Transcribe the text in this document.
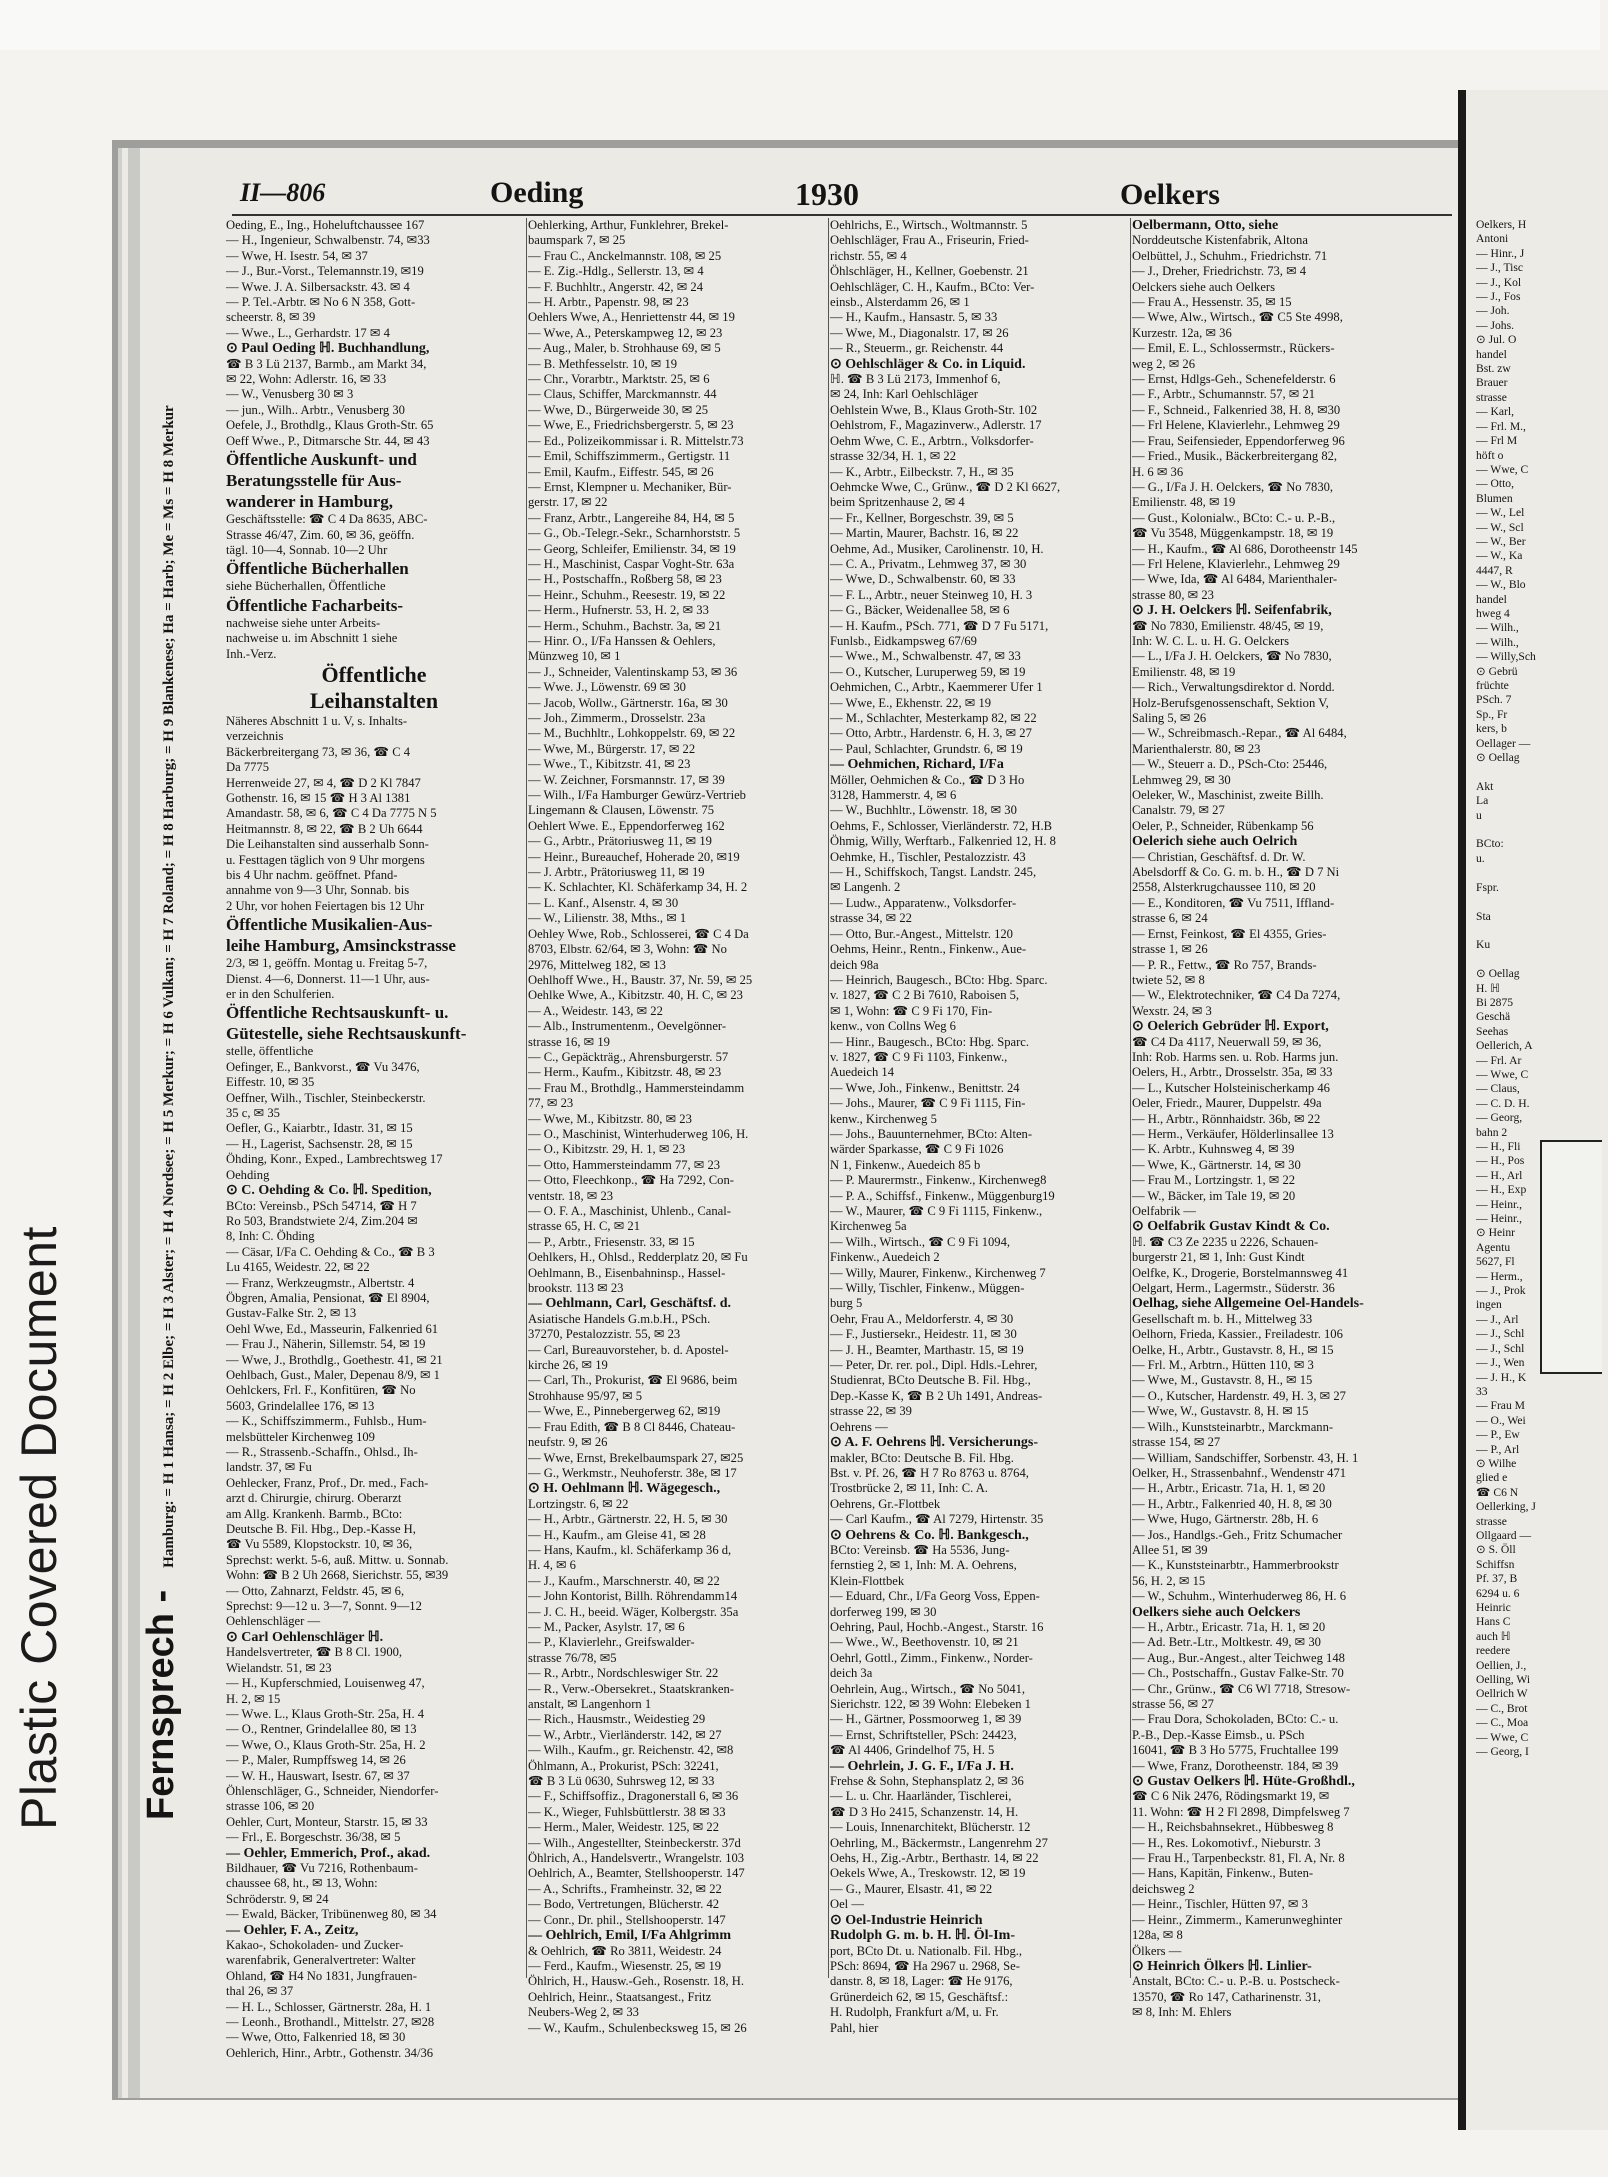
Plastic Covered Document
Oelkers, H
Antoni
— Hinr., J
— J., Tisc
— J., Kol
— J., Fos
— Joh.
— Johs.
⊙ Jul. O
handel
Bst. zw
Brauer
strasse
— Karl,
— Frl. M.,
— Frl M
höft o
— Wwe, C
— Otto,
Blumen
— W., Lel
— W., Scl
— W., Ber
— W., Ka
4447, R
— W., Blo
handel
hweg 4
— Wilh.,
— Wilh.,
— Willy,Sch
⊙ Gebrü
früchte
PSch. 7
Sp., Fr
kers, b
Oellager —
⊙ Oellag

Akt
La
u

BCto:
u.

Fspr.

Sta

Ku

⊙ Oellag
H. ℍ
Bi 2875
Geschä
Seehas
Oellerich, A
— Frl. Ar
— Wwe, C
— Claus,
— C. D. H.
— Georg,
bahn 2
— H., Fli
— H., Pos
— H., Arl
— H., Exp
— Heinr.,
— Heinr.,
⊙ Heinr
Agentu
5627, Fl
— Herm.,
— J., Prok
ingen
— J., Arl
— J., Schl
— J., Schl
— J., Wen
— J. H., K
33
— Frau M
— O., Wei
— P., Ew
— P., Arl
⊙ Wilhe
glied e
☎ C6 N
Oellerking, J
strasse
Ollgaard —
⊙ S. Öll
Schiffsn
Pf. 37, B
6294 u. 6
Heinric
Hans C
auch ℍ
reedere
Oellien, J.,
Oelling, Wi
Oellrich W
— C., Brot
— C., Moa
— Wwe, C
— Georg, I
II—806	Oeding	1930	Oelkers
Fernsprech - Hamburg: = H 1 Hansa; = H 2 Elbe; = H 3 Alster; = H 4 Nordsee; = H 5 Merkur; = H 6 Vulkan; = H 7 Roland; = H 8 Harburg; = H 9 Blankenese; Ha = Harb; Me = Ms = H 8 Merkur

Oeding, E., Ing., Hoheluftchaussee 167

— H., Ingenieur, Schwalbenstr. 74, ✉33

— Wwe, H. Isestr. 54, ✉ 37

— J., Bur.-Vorst., Telemannstr.19, ✉19

— Wwe. J. A. Silbersackstr. 43. ✉ 4

— P. Tel.-Arbtr. ✉ No 6 N 358, Gott-

scheerstr. 8, ✉ 39

— Wwe., L., Gerhardstr. 17 ✉ 4

⊙ Paul Oeding ℍ. Buchhandlung,

☎ B 3 Lü 2137, Barmb., am Markt 34,

✉ 22, Wohn: Adlerstr. 16, ✉ 33

— W., Venusberg 30 ✉ 3

— jun., Wilh.. Arbtr., Venusberg 30

Oefele, J., Brothdlg., Klaus Groth-Str. 65

Oeff Wwe., P., Ditmarsche Str. 44, ✉ 43

Öffentliche Auskunft- und

Beratungsstelle für Aus-

wanderer in Hamburg,

Geschäftsstelle: ☎ C 4 Da 8635, ABC-

Strasse 46/47, Zim. 60, ✉ 36, geöffn.

tägl. 10—4, Sonnab. 10—2 Uhr

Öffentliche Bücherhallen

siehe Bücherhallen, Öffentliche

Öffentliche Facharbeits-

nachweise siehe unter Arbeits-

nachweise u. im Abschnitt 1 siehe

Inh.-Verz.

Öffentliche

Leihanstalten

Näheres Abschnitt 1 u. V, s. Inhalts-

verzeichnis

Bäckerbreitergang 73, ✉ 36, ☎ C 4

Da 7775

Herrenweide 27, ✉ 4, ☎ D 2 Kl 7847

Gothenstr. 16, ✉ 15 ☎ H 3 Al 1381

Amandastr. 58, ✉ 6, ☎ C 4 Da 7775 N 5

Heitmannstr. 8, ✉ 22, ☎ B 2 Uh 6644

Die Leihanstalten sind ausserhalb Sonn-

u. Festtagen täglich von 9 Uhr morgens

bis 4 Uhr nachm. geöffnet. Pfand-

annahme von 9—3 Uhr, Sonnab. bis

2 Uhr, vor hohen Feiertagen bis 12 Uhr

Öffentliche Musikalien-Aus-

leihe Hamburg, Amsinckstrasse

2/3, ✉ 1, geöffn. Montag u. Freitag 5-7,

Dienst. 4—6, Donnerst. 11—1 Uhr, aus-

er in den Schulferien.

Öffentliche Rechtsauskunft- u.

Gütestelle, siehe Rechtsauskunft-

stelle, öffentliche

Oefinger, E., Bankvorst., ☎ Vu 3476,

Eiffestr. 10, ✉ 35

Oeffner, Wilh., Tischler, Steinbeckerstr.

35 c, ✉ 35

Oefler, G., Kaiarbtr., Idastr. 31, ✉ 15

— H., Lagerist, Sachsenstr. 28, ✉ 15

Öhding, Konr., Exped., Lambrechtsweg 17

Oehding

⊙ C. Oehding & Co. ℍ. Spedition,

BCto: Vereinsb., PSch 54714, ☎ H 7

Ro 503, Brandstwiete 2/4, Zim.204 ✉

8, Inh: C. Öhding

— Cäsar, I/Fa C. Oehding & Co., ☎ B 3

Lu 4165, Weidestr. 22, ✉ 22

— Franz, Werkzeugmstr., Albertstr. 4

Öbgren, Amalia, Pensionat, ☎ El 8904,

Gustav-Falke Str. 2, ✉ 13

Oehl Wwe, Ed., Masseurin, Falkenried 61

— Frau J., Näherin, Sillemstr. 54, ✉ 19

— Wwe, J., Brothdlg., Goethestr. 41, ✉ 21

Oehlbach, Gust., Maler, Depenau 8/9, ✉ 1

Oehlckers, Frl. F., Konfitüren, ☎ No

5603, Grindelallee 176, ✉ 13

— K., Schiffszimmerm., Fuhlsb., Hum-

melsbütteler Kirchenweg 109

— R., Strassenb.-Schaffn., Ohlsd., Ih-

landstr. 37, ✉ Fu

Oehlecker, Franz, Prof., Dr. med., Fach-

arzt d. Chirurgie, chirurg. Oberarzt

am Allg. Krankenh. Barmb., BCto:

Deutsche B. Fil. Hbg., Dep.-Kasse H,

☎ Vu 5589, Klopstockstr. 10, ✉ 36,

Sprechst: werkt. 5-6, auß. Mittw. u. Sonnab.

Wohn: ☎ B 2 Uh 2668, Sierichstr. 55, ✉39

— Otto, Zahnarzt, Feldstr. 45, ✉ 6,

Sprechst: 9—12 u. 3—7, Sonnt. 9—12

Oehlenschläger —

⊙ Carl Oehlenschläger ℍ.

Handelsvertreter, ☎ B 8 Cl. 1900,

Wielandstr. 51, ✉ 23

— H., Kupferschmied, Louisenweg 47,

H. 2, ✉ 15

— Wwe. L., Klaus Groth-Str. 25a, H. 4

— O., Rentner, Grindelallee 80, ✉ 13

— Wwe, O., Klaus Groth-Str. 25a, H. 2

— P., Maler, Rumpffsweg 14, ✉ 26

— W. H., Hauswart, Isestr. 67, ✉ 37

Öhlenschläger, G., Schneider, Niendorfer-

strasse 106, ✉ 20

Oehler, Curt, Monteur, Starstr. 15, ✉ 33

— Frl., E. Borgeschstr. 36/38, ✉ 5

— Oehler, Emmerich, Prof., akad.

Bildhauer, ☎ Vu 7216, Rothenbaum-

chaussee 68, ht., ✉ 13, Wohn:

Schröderstr. 9, ✉ 24

— Ewald, Bäcker, Tribünenweg 80, ✉ 34

— Oehler, F. A., Zeitz,

Kakao-, Schokoladen- und Zucker-

warenfabrik, Generalvertreter: Walter

Ohland, ☎ H4 No 1831, Jungfrauen-

thal 26, ✉ 37

— H. L., Schlosser, Gärtnerstr. 28a, H. 1

— Leonh., Brothandl., Mittelstr. 27, ✉28

— Wwe, Otto, Falkenried 18, ✉ 30

Oehlerich, Hinr., Arbtr., Gothenstr. 34/36

Oehlerking, Arthur, Funklehrer, Brekel-

baumspark 7, ✉ 25

— Frau C., Anckelmannstr. 108, ✉ 25

— E. Zig.-Hdlg., Sellerstr. 13, ✉ 4

— F. Buchhltr., Angerstr. 42, ✉ 24

— H. Arbtr., Papenstr. 98, ✉ 23

Oehlers Wwe, A., Henriettenstr 44, ✉ 19

— Wwe, A., Peterskampweg 12, ✉ 23

— Aug., Maler, b. Strohhause 69, ✉ 5

— B. Methfesselstr. 10, ✉ 19

— Chr., Vorarbtr., Marktstr. 25, ✉ 6

— Claus, Schiffer, Marckmannstr. 44

— Wwe, D., Bürgerweide 30, ✉ 25

— Wwe, E., Friedrichsbergerstr. 5, ✉ 23

— Ed., Polizeikommissar i. R. Mittelstr.73

— Emil, Schiffszimmerm., Gertigstr. 11

— Emil, Kaufm., Eiffestr. 545, ✉ 26

— Ernst, Klempner u. Mechaniker, Bür-

gerstr. 17, ✉ 22

— Franz, Arbtr., Langereihe 84, H4, ✉ 5

— G., Ob.-Telegr.-Sekr., Scharnhorststr. 5

— Georg, Schleifer, Emilienstr. 34, ✉ 19

— H., Maschinist, Caspar Voght-Str. 63a

— H., Postschaffn., Roßberg 58, ✉ 23

— Heinr., Schuhm., Reesestr. 19, ✉ 22

— Herm., Hufnerstr. 53, H. 2, ✉ 33

— Herm., Schuhm., Bachstr. 3a, ✉ 21

— Hinr. O., I/Fa Hanssen & Oehlers,

Münzweg 10, ✉ 1

— J., Schneider, Valentinskamp 53, ✉ 36

— Wwe. J., Löwenstr. 69 ✉ 30

— Jacob, Wollw., Gärtnerstr. 16a, ✉ 30

— Joh., Zimmerm., Drosselstr. 23a

— M., Buchhltr., Lohkoppelstr. 69, ✉ 22

— Wwe, M., Bürgerstr. 17, ✉ 22

— Wwe., T., Kibitzstr. 41, ✉ 23

— W. Zeichner, Forsmannstr. 17, ✉ 39

— Wilh., I/Fa Hamburger Gewürz-Vertrieb

Lingemann & Clausen, Löwenstr. 75

Oehlert Wwe. E., Eppendorferweg 162

— G., Arbtr., Prätoriusweg 11, ✉ 19

— Heinr., Bureauchef, Hoherade 20, ✉19

— J. Arbtr., Prätoriusweg 11, ✉ 19

— K. Schlachter, Kl. Schäferkamp 34, H. 2

— L. Kanf., Alsenstr. 4, ✉ 30

— W., Lilienstr. 38, Mths., ✉ 1

Oehley Wwe, Rob., Schlosserei, ☎ C 4 Da

8703, Elbstr. 62/64, ✉ 3, Wohn: ☎ No

2976, Mittelweg 182, ✉ 13

Oehlhoff Wwe., H., Baustr. 37, Nr. 59, ✉ 25

Oehlke Wwe, A., Kibitzstr. 40, H. C, ✉ 23

— A., Weidestr. 143, ✉ 22

— Alb., Instrumentenm., Oevelgönner-

strasse 16, ✉ 19

— C., Gepäckträg., Ahrensburgerstr. 57

— Herm., Kaufm., Kibitzstr. 48, ✉ 23

— Frau M., Brothdlg., Hammersteindamm

77, ✉ 23

— Wwe, M., Kibitzstr. 80, ✉ 23

— O., Maschinist, Winterhuderweg 106, H.

— O., Kibitzstr. 29, H. 1, ✉ 23

— Otto, Hammersteindamm 77, ✉ 23

— Otto, Fleechkonp., ☎ Ha 7292, Con-

ventstr. 18, ✉ 23

— O. F. A., Maschinist, Uhlenb., Canal-

strasse 65, H. C, ✉ 21

— P., Arbtr., Friesenstr. 33, ✉ 15

Oehlkers, H., Ohlsd., Redderplatz 20, ✉ Fu

Oehlmann, B., Eisenbahninsp., Hassel-

brookstr. 113 ✉ 23

— Oehlmann, Carl, Geschäftsf. d.

Asiatische Handels G.m.b.H., PSch.

37270, Pestalozzistr. 55, ✉ 23

— Carl, Bureauvorsteher, b. d. Apostel-

kirche 26, ✉ 19

— Carl, Th., Prokurist, ☎ El 9686, beim

Strohhause 95/97, ✉ 5

— Wwe, E., Pinnebergerweg 62, ✉19

— Frau Edith, ☎ B 8 Cl 8446, Chateau-

neufstr. 9, ✉ 26

— Wwe, Ernst, Brekelbaumspark 27, ✉25

— G., Werkmstr., Neuhoferstr. 38e, ✉ 17

⊙ H. Oehlmann ℍ. Wägegesch.,

Lortzingstr. 6, ✉ 22

— H., Arbtr., Gärtnerstr. 22, H. 5, ✉ 30

— H., Kaufm., am Gleise 41, ✉ 28

— Hans, Kaufm., kl. Schäferkamp 36 d,

H. 4, ✉ 6

— J., Kaufm., Marschnerstr. 40, ✉ 22

— John Kontorist, Billh. Röhrendamm14

— J. C. H., beeid. Wäger, Kolbergstr. 35a

— M., Packer, Asylstr. 17, ✉ 6

— P., Klavierlehr., Greifswalder-

strasse 76/78, ✉5

— R., Arbtr., Nordschleswiger Str. 22

— R., Verw.-Obersekret., Staatskranken-

anstalt, ✉ Langenhorn 1

— Rich., Hausmstr., Weidestieg 29

— W., Arbtr., Vierländerstr. 142, ✉ 27

— Wilh., Kaufm., gr. Reichenstr. 42, ✉8

Öhlmann, A., Prokurist, PSch: 32241,

☎ B 3 Lü 0630, Suhrsweg 12, ✉ 33

— F., Schiffsoffiz., Dragonerstall 6, ✉ 36

— K., Wieger, Fuhlsbüttlerstr. 38 ✉ 33

— Herm., Maler, Weidestr. 125, ✉ 22

— Wilh., Angestellter, Steinbeckerstr. 37d

Öhlrich, A., Handelsvertr., Wrangelstr. 103

Oehlrich, A., Beamter, Stellshooperstr. 147

— A., Schrifts., Framheinstr. 32, ✉ 22

— Bodo, Vertretungen, Blücherstr. 42

— Conr., Dr. phil., Stellshooperstr. 147

— Oehlrich, Emil, I/Fa Ahlgrimm

& Oehlrich, ☎ Ro 3811, Weidestr. 24

— Ferd., Kaufm., Wiesenstr. 25, ✉ 19

Öhlrich, H., Hausw.-Geh., Rosenstr. 18, H.

Oehlrich, Heinr., Staatsangest., Fritz

Neubers-Weg 2, ✉ 33

— W., Kaufm., Schulenbecksweg 15, ✉ 26

Oehlrichs, E., Wirtsch., Woltmannstr. 5

Oehlschläger, Frau A., Friseurin, Fried-

richstr. 55, ✉ 4

Öhlschläger, H., Kellner, Goebenstr. 21

Oehlschläger, C. H., Kaufm., BCto: Ver-

einsb., Alsterdamm 26, ✉ 1

— H., Kaufm., Hansastr. 5, ✉ 33

— Wwe, M., Diagonalstr. 17, ✉ 26

— R., Steuerm., gr. Reichenstr. 44

⊙ Oehlschläger & Co. in Liquid.

ℍ. ☎ B 3 Lü 2173, Immenhof 6,

✉ 24, Inh: Karl Oehlschläger

Oehlstein Wwe, B., Klaus Groth-Str. 102

Oehlstrom, F., Magazinverw., Adlerstr. 17

Oehm Wwe, C. E., Arbtrn., Volksdorfer-

strasse 32/34, H. 1, ✉ 22

— K., Arbtr., Eilbeckstr. 7, H., ✉ 35

Oehmcke Wwe, C., Grünw., ☎ D 2 Kl 6627,

beim Spritzenhause 2, ✉ 4

— Fr., Kellner, Borgeschstr. 39, ✉ 5

— Martin, Maurer, Bachstr. 16, ✉ 22

Oehme, Ad., Musiker, Carolinenstr. 10, H.

— C. A., Privatm., Lehmweg 37, ✉ 30

— Wwe, D., Schwalbenstr. 60, ✉ 33

— F. L., Arbtr., neuer Steinweg 10, H. 3

— G., Bäcker, Weidenallee 58, ✉ 6

— H. Kaufm., PSch. 771, ☎ D 7 Fu 5171,

Funlsb., Eidkampsweg 67/69

— Wwe., M., Schwalbenstr. 47, ✉ 33

— O., Kutscher, Luruperweg 59, ✉ 19

Oehmichen, C., Arbtr., Kaemmerer Ufer 1

— Wwe, E., Ekhenstr. 22, ✉ 19

— M., Schlachter, Mesterkamp 82, ✉ 22

— Otto, Arbtr., Hardenstr. 6, H. 3, ✉ 27

— Paul, Schlachter, Grundstr. 6, ✉ 19

— Oehmichen, Richard, I/Fa

Möller, Oehmichen & Co., ☎ D 3 Ho

3128, Hammerstr. 4, ✉ 6

— W., Buchhltr., Löwenstr. 18, ✉ 30

Oehms, F., Schlosser, Vierländerstr. 72, H.B

Öhmig, Willy, Werftarb., Falkenried 12, H. 8

Oehmke, H., Tischler, Pestalozzistr. 43

— H., Schiffskoch, Tangst. Landstr. 245,

✉ Langenh. 2

— Ludw., Apparatenw., Volksdorfer-

strasse 34, ✉ 22

— Otto, Bur.-Angest., Mittelstr. 120

Oehms, Heinr., Rentn., Finkenw., Aue-

deich 98a

— Heinrich, Baugesch., BCto: Hbg. Sparc.

v. 1827, ☎ C 2 Bi 7610, Raboisen 5,

✉ 1, Wohn: ☎ C 9 Fi 170, Fin-

kenw., von Collns Weg 6

— Hinr., Baugesch., BCto: Hbg. Sparc.

v. 1827, ☎ C 9 Fi 1103, Finkenw.,

Auedeich 14

— Wwe, Joh., Finkenw., Benittstr. 24

— Johs., Maurer, ☎ C 9 Fi 1115, Fin-

kenw., Kirchenweg 5

— Johs., Bauunternehmer, BCto: Alten-

wärder Sparkasse, ☎ C 9 Fi 1026

N 1, Finkenw., Auedeich 85 b

— P. Maurermstr., Finkenw., Kirchenweg8

— P. A., Schiffsf., Finkenw., Müggenburg19

— W., Maurer, ☎ C 9 Fi 1115, Finkenw.,

Kirchenweg 5a

— Wilh., Wirtsch., ☎ C 9 Fi 1094,

Finkenw., Auedeich 2

— Willy, Maurer, Finkenw., Kirchenweg 7

— Willy, Tischler, Finkenw., Müggen-

burg 5

Oehr, Frau A., Meldorferstr. 4, ✉ 30

— F., Justiersekr., Heidestr. 11, ✉ 30

— J. H., Beamter, Marthastr. 15, ✉ 19

— Peter, Dr. rer. pol., Dipl. Hdls.-Lehrer,

Studienrat, BCto Deutsche B. Fil. Hbg.,

Dep.-Kasse K, ☎ B 2 Uh 1491, Andreas-

strasse 22, ✉ 39

Oehrens —

⊙ A. F. Oehrens ℍ. Versicherungs-

makler, BCto: Deutsche B. Fil. Hbg.

Bst. v. Pf. 26, ☎ H 7 Ro 8763 u. 8764,

Trostbrücke 2, ✉ 11, Inh: C. A.

Oehrens, Gr.-Flottbek

— Carl Kaufm., ☎ Al 7279, Hirtenstr. 35

⊙ Oehrens & Co. ℍ. Bankgesch.,

BCto: Vereinsb. ☎ Ha 5536, Jung-

fernstieg 2, ✉ 1, Inh: M. A. Oehrens,

Klein-Flottbek

— Eduard, Chr., I/Fa Georg Voss, Eppen-

dorferweg 199, ✉ 30

Oehring, Paul, Hochb.-Angest., Starstr. 16

— Wwe., W., Beethovenstr. 10, ✉ 21

Oehrl, Gottl., Zimm., Finkenw., Norder-

deich 3a

Oehrlein, Aug., Wirtsch., ☎ No 5041,

Sierichstr. 122, ✉ 39 Wohn: Elebeken 1

— H., Gärtner, Possmoorweg 1, ✉ 39

— Ernst, Schriftsteller, PSch: 24423,

☎ Al 4406, Grindelhof 75, H. 5

— Oehrlein, J. G. F., I/Fa J. H.

Frehse & Sohn, Stephansplatz 2, ✉ 36

— L. u. Chr. Haarländer, Tischlerei,

☎ D 3 Ho 2415, Schanzenstr. 14, H.

— Louis, Innenarchitekt, Blücherstr. 12

Oehrling, M., Bäckermstr., Langenrehm 27

Oehs, H., Zig.-Arbtr., Berthastr. 14, ✉ 22

Oekels Wwe, A., Treskowstr. 12, ✉ 19

— G., Maurer, Elsastr. 41, ✉ 22

Oel —

⊙ Oel-Industrie Heinrich

Rudolph G. m. b. H. ℍ. Öl-Im-

port, BCto Dt. u. Nationalb. Fil. Hbg.,

PSch: 8694, ☎ Ha 2967 u. 2968, Se-

danstr. 8, ✉ 18, Lager: ☎ He 9176,

Grünerdeich 62, ✉ 15, Geschäftsf.:

H. Rudolph, Frankfurt a/M, u. Fr.

Pahl, hier

Oelbermann, Otto, siehe

Norddeutsche Kistenfabrik, Altona

Oelbüttel, J., Schuhm., Friedrichstr. 71

— J., Dreher, Friedrichstr. 73, ✉ 4

Oelckers siehe auch Oelkers

— Frau A., Hessenstr. 35, ✉ 15

— Wwe, Alw., Wirtsch., ☎ C5 Ste 4998,

Kurzestr. 12a, ✉ 36

— Emil, E. L., Schlossermstr., Rückers-

weg 2, ✉ 26

— Ernst, Hdlgs-Geh., Schenefelderstr. 6

— F., Arbtr., Schumannstr. 57, ✉ 21

— F., Schneid., Falkenried 38, H. 8, ✉30

— Frl Helene, Klavierlehr., Lehmweg 29

— Frau, Seifensieder, Eppendorferweg 96

— Fried., Musik., Bäckerbreitergang 82,

H. 6 ✉ 36

— G., I/Fa J. H. Oelckers, ☎ No 7830,

Emilienstr. 48, ✉ 19

— Gust., Kolonialw., BCto: C.- u. P.-B.,

☎ Vu 3548, Müggenkampstr. 18, ✉ 19

— H., Kaufm., ☎ Al 686, Dorotheenstr 145

— Frl Helene, Klavierlehr., Lehmweg 29

— Wwe, Ida, ☎ Al 6484, Marienthaler-

strasse 80, ✉ 23

⊙ J. H. Oelckers ℍ. Seifenfabrik,

☎ No 7830, Emilienstr. 48/45, ✉ 19,

Inh: W. C. L. u. H. G. Oelckers

— L., I/Fa J. H. Oelckers, ☎ No 7830,

Emilienstr. 48, ✉ 19

— Rich., Verwaltungsdirektor d. Nordd.

Holz-Berufsgenossenschaft, Sektion V,

Saling 5, ✉ 26

— W., Schreibmasch.-Repar., ☎ Al 6484,

Marienthalerstr. 80, ✉ 23

— W., Steuerr a. D., PSch-Cto: 25446,

Lehmweg 29, ✉ 30

Oeleker, W., Maschinist, zweite Billh.

Canalstr. 79, ✉ 27

Oeler, P., Schneider, Rübenkamp 56

Oelerich siehe auch Oelrich

— Christian, Geschäftsf. d. Dr. W.

Abelsdorff & Co. G. m. b. H., ☎ D 7 Ni

2558, Alsterkrugchaussee 110, ✉ 20

— E., Konditoren, ☎ Vu 7511, Iffland-

strasse 6, ✉ 24

— Ernst, Feinkost, ☎ El 4355, Gries-

strasse 1, ✉ 26

— P. R., Fettw., ☎ Ro 757, Brands-

twiete 52, ✉ 8

— W., Elektrotechniker, ☎ C4 Da 7274,

Wexstr. 24, ✉ 3

⊙ Oelerich Gebrüder ℍ. Export,

☎ C4 Da 4117, Neuerwall 59, ✉ 36,

Inh: Rob. Harms sen. u. Rob. Harms jun.

Oelers, H., Arbtr., Drosselstr. 35a, ✉ 33

— L., Kutscher Holsteinischerkamp 46

Oeler, Friedr., Maurer, Duppelstr. 49a

— H., Arbtr., Rönnhaidstr. 36b, ✉ 22

— Herm., Verkäufer, Hölderlinsallee 13

— K. Arbtr., Kuhnsweg 4, ✉ 39

— Wwe, K., Gärtnerstr. 14, ✉ 30

— Frau M., Lortzingstr. 1, ✉ 22

— W., Bäcker, im Tale 19, ✉ 20

Oelfabrik —

⊙ Oelfabrik Gustav Kindt & Co.

ℍ. ☎ C3 Ze 2235 u 2226, Schauen-

burgerstr 21, ✉ 1, Inh: Gust Kindt

Oelfke, K., Drogerie, Borstelmannsweg 41

Oelgart, Herm., Lagermstr., Süderstr. 36

Oelhag, siehe Allgemeine Oel-Handels-

Gesellschaft m. b. H., Mittelweg 33

Oelhorn, Frieda, Kassier., Freiladestr. 106

Oelke, H., Arbtr., Gustavstr. 8, H., ✉ 15

— Frl. M., Arbtrn., Hütten 110, ✉ 3

— Wwe, M., Gustavstr. 8, H., ✉ 15

— O., Kutscher, Hardenstr. 49, H. 3, ✉ 27

— Wwe, W., Gustavstr. 8, H. ✉ 15

— Wilh., Kunststeinarbtr., Marckmann-

strasse 154, ✉ 27

— William, Sandschiffer, Sorbenstr. 43, H. 1

Oelker, H., Strassenbahnf., Wendenstr 471

— H., Arbtr., Ericastr. 71a, H. 1, ✉ 20

— H., Arbtr., Falkenried 40, H. 8, ✉ 30

— Wwe, Hugo, Gärtnerstr. 28b, H. 6

— Jos., Handlgs.-Geh., Fritz Schumacher

Allee 51, ✉ 39

— K., Kunststeinarbtr., Hammerbrookstr

56, H. 2, ✉ 15

— W., Schuhm., Winterhuderweg 86, H. 6

Oelkers siehe auch Oelckers

— H., Arbtr., Ericastr. 71a, H. 1, ✉ 20

— Ad. Betr.-Ltr., Moltkestr. 49, ✉ 30

— Aug., Bur.-Angest., alter Teichweg 148

— Ch., Postschaffn., Gustav Falke-Str. 70

— Chr., Grünw., ☎ C6 Wl 7718, Stresow-

strasse 56, ✉ 27

— Frau Dora, Schokoladen, BCto: C.- u.

P.-B., Dep.-Kasse Eimsb., u. PSch

16041, ☎ B 3 Ho 5775, Fruchtallee 199

— Wwe, Franz, Dorotheenstr. 184, ✉ 39

⊙ Gustav Oelkers ℍ. Hüte-Großhdl.,

☎ C 6 Nik 2476, Rödingsmarkt 19, ✉

11. Wohn: ☎ H 2 Fl 2898, Dimpfelsweg 7

— H., Reichsbahnsekret., Hübbesweg 8

— H., Res. Lokomotivf., Nieburstr. 3

— Frau H., Tarpenbeckstr. 81, Fl. A, Nr. 8

— Hans, Kapitän, Finkenw., Buten-

deichsweg 2

— Heinr., Tischler, Hütten 97, ✉ 3

— Heinr., Zimmerm., Kamerunweghinter

128a, ✉ 8

Ölkers —

⊙ Heinrich Ölkers ℍ. Linlier-

Anstalt, BCto: C.- u. P.-B. u. Postscheck-

13570, ☎ Ro 147, Catharinenstr. 31,

✉ 8, Inh: M. Ehlers
